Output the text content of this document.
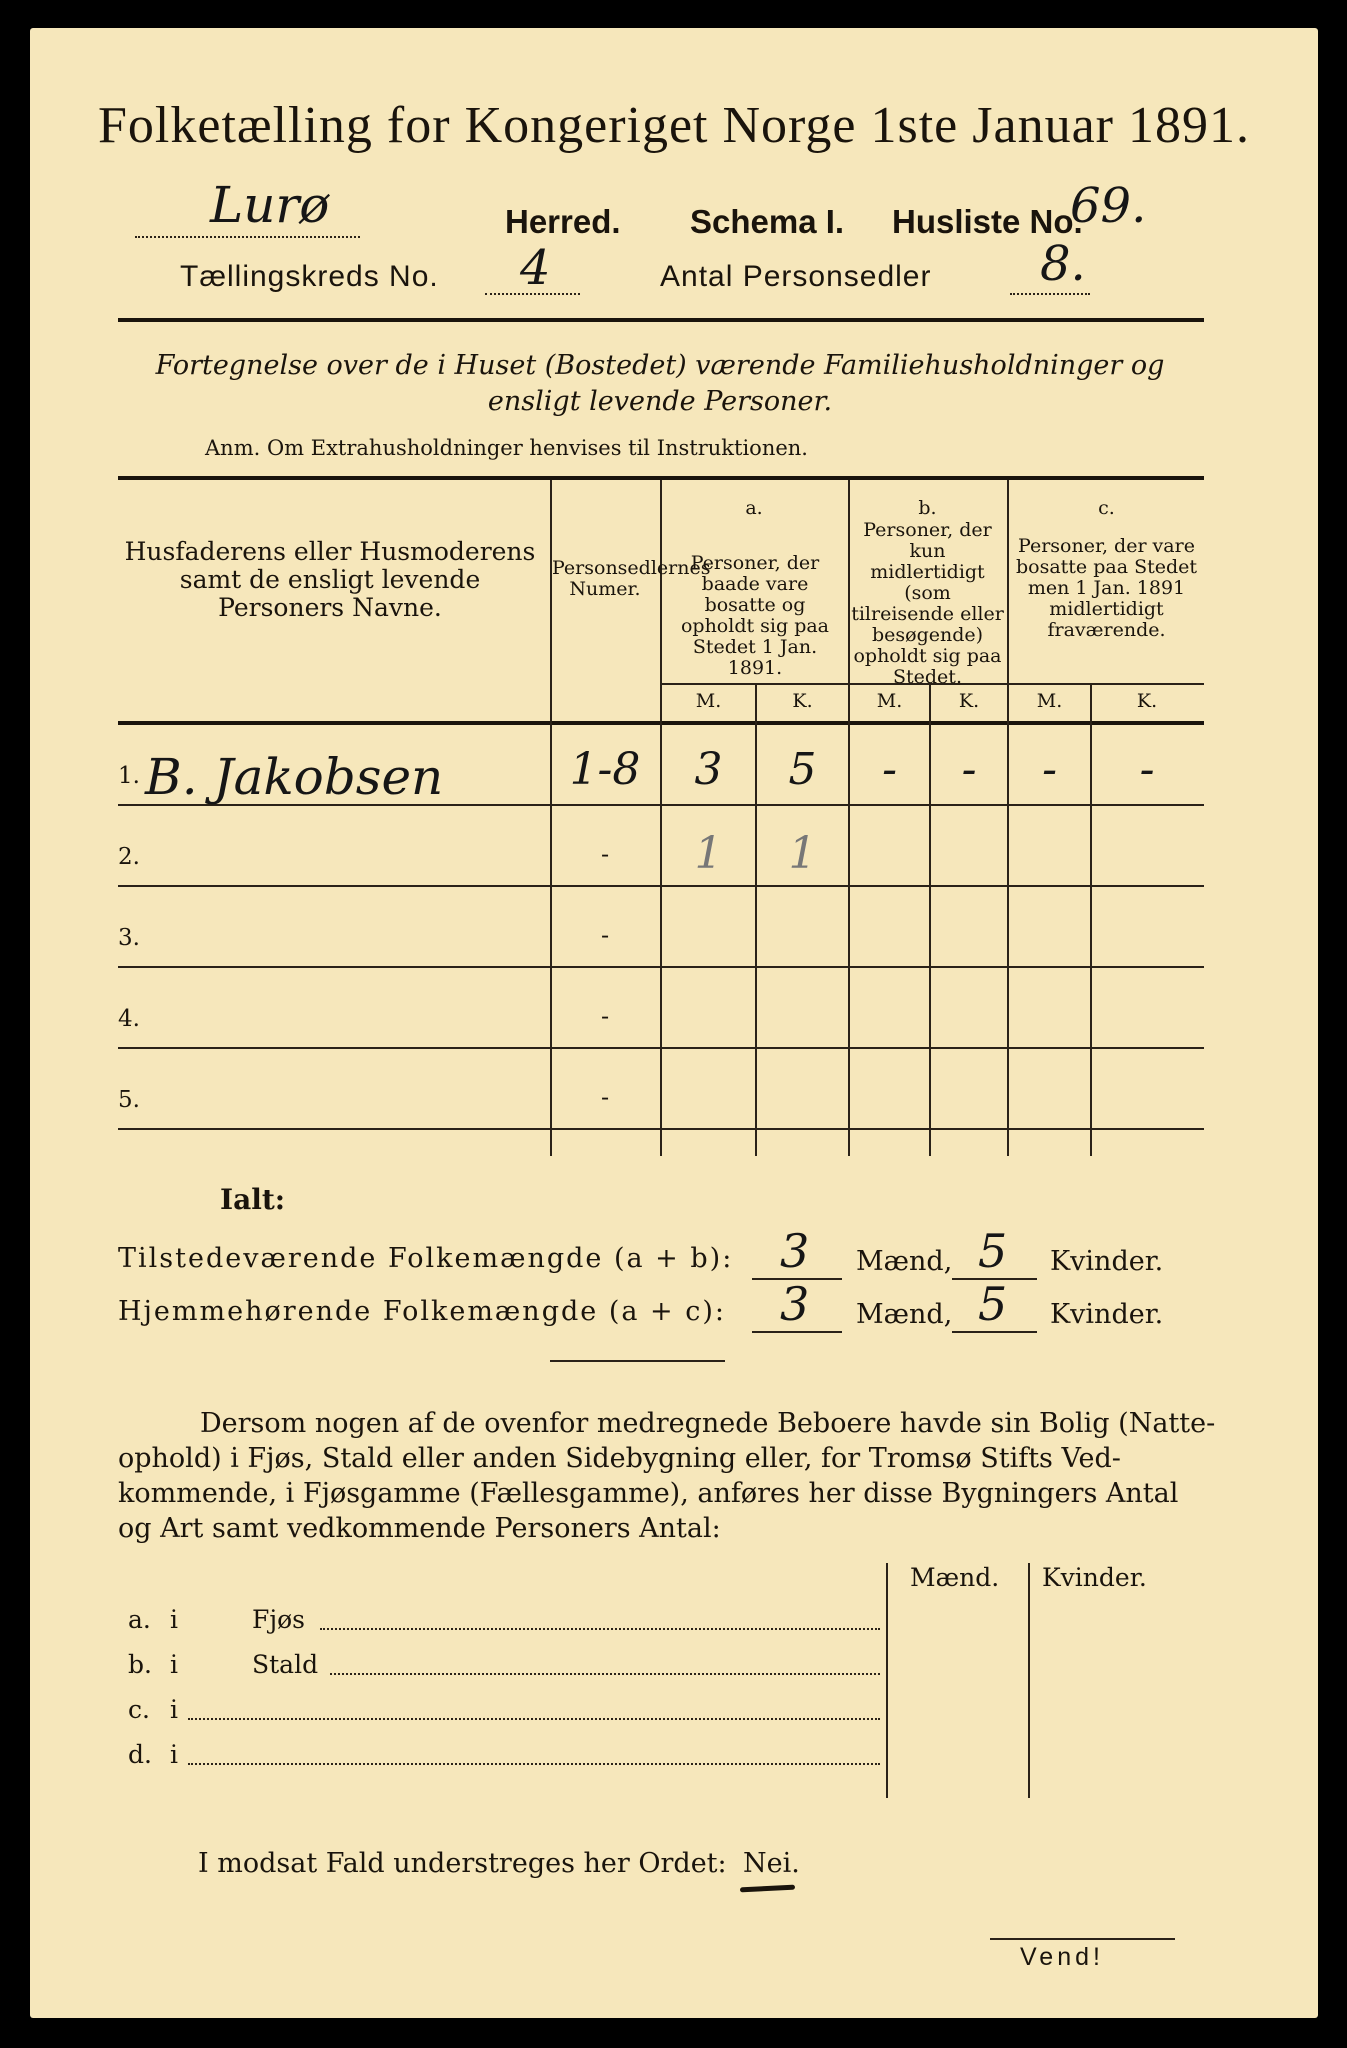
Folketælling for Kongeriget Norge 1ste Januar 1891.
Lurø	Herred. Schema I. Husliste No.
69.
Tællingskreds No. 4	Antal Personsedler 8.
Fortegnelse over de i Huset (Bostedet) værende Familiehusholdninger og ensligt levende Personer.
Anm. Om Extrahusholdninger henvises til Instruktionen.
Husfaderens eller Husmoderens samt de ensligt levende Personers Navne.
Personsedlernes Numer.
a.
Personer, der baade vare bosatte og opholdt sig paa Stedet 1 Jan. 1891.
b.
Personer, der kun midlertidigt (som tilreisende eller besøgende) opholdt sig paa Stedet.
c.
Personer, der vare bosatte paa Stedet men 1 Jan. 1891 midlertidigt fraværende.
M.	K.	M.	K.	M.	K.
1. B. Jakobsen	1-8	3	5	-	-	-	-
2.	-	1	1
3.	-
4.	-
5.	-
Ialt:
Tilstedeværende Folkemængde (a + b): 3 Mænd, 5 Kvinder.
Hjemmehørende Folkemængde (a + c): 3 Mænd, 5 Kvinder.
Dersom nogen af de ovenfor medregnede Beboere havde sin Bolig (Natte-
ophold) i Fjøs, Stald eller anden Sidebygning eller, for Tromsø Stifts Ved-
kommende, i Fjøsgamme (Fællesgamme), anføres her disse Bygningers Antal
og Art samt vedkommende Personers Antal:
Mænd. Kvinder.
a. i	Fjøs
b. i	Stald
c. i
d. i
I modsat Fald understreges her Ordet: Nei.
Vend!
